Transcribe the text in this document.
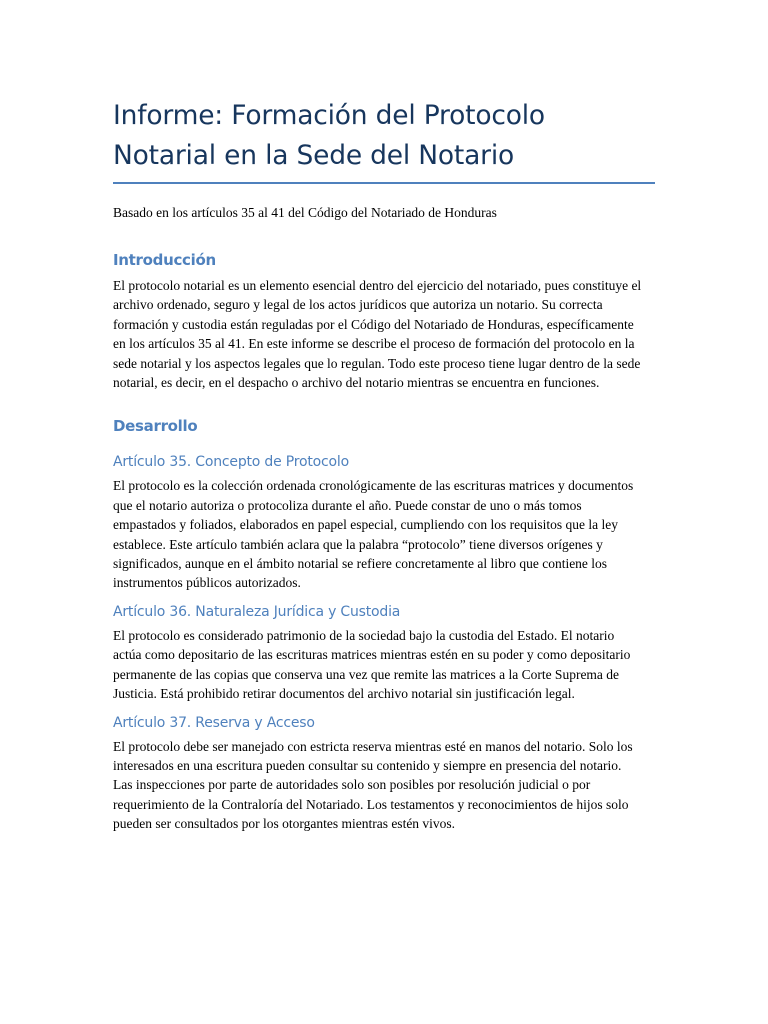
Informe: Formación del Protocolo
Notarial en la Sede del Notario

Basado en los artículos 35 al 41 del Código del Notariado de Honduras

Introducción

El protocolo notarial es un elemento esencial dentro del ejercicio del notariado, pues constituye el archivo ordenado, seguro y legal de los actos jurídicos que autoriza un notario. Su correcta formación y custodia están reguladas por el Código del Notariado de Honduras, específicamente en los artículos 35 al 41. En este informe se describe el proceso de formación del protocolo en la sede notarial y los aspectos legales que lo regulan. Todo este proceso tiene lugar dentro de la sede notarial, es decir, en el despacho o archivo del notario mientras se encuentra en funciones.

Desarrollo
Artículo 35. Concepto de Protocolo

El protocolo es la colección ordenada cronológicamente de las escrituras matrices y documentos que el notario autoriza o protocoliza durante el año. Puede constar de uno o más tomos empastados y foliados, elaborados en papel especial, cumpliendo con los requisitos que la ley establece. Este artículo también aclara que la palabra “protocolo” tiene diversos orígenes y significados, aunque en el ámbito notarial se refiere concretamente al libro que contiene los instrumentos públicos autorizados.

Artículo 36. Naturaleza Jurídica y Custodia

El protocolo es considerado patrimonio de la sociedad bajo la custodia del Estado. El notario actúa como depositario de las escrituras matrices mientras estén en su poder y como depositario permanente de las copias que conserva una vez que remite las matrices a la Corte Suprema de Justicia. Está prohibido retirar documentos del archivo notarial sin justificación legal.

Artículo 37. Reserva y Acceso

El protocolo debe ser manejado con estricta reserva mientras esté en manos del notario. Solo los interesados en una escritura pueden consultar su contenido y siempre en presencia del notario. Las inspecciones por parte de autoridades solo son posibles por resolución judicial o por requerimiento de la Contraloría del Notariado. Los testamentos y reconocimientos de hijos solo pueden ser consultados por los otorgantes mientras estén vivos.
